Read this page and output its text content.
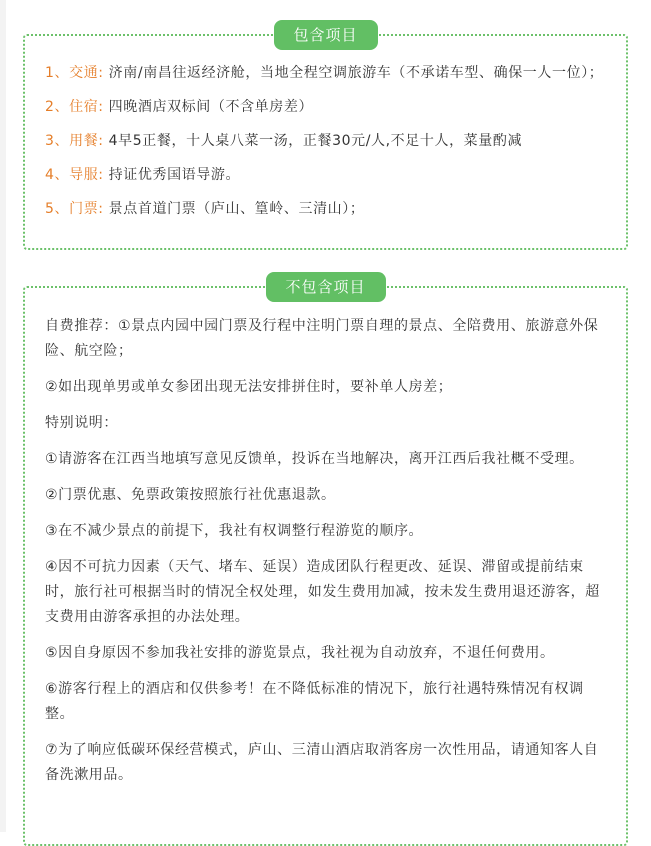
包含项目
1、交通: 济南/南昌往返经济舱，当地全程空调旅游车（不承诺车型、确保一人一位）；
2、住宿: 四晚酒店双标间（不含单房差）
3、用餐: 4早5正餐，十人桌八菜一汤，正餐30元/人,不足十人，菜量酌减
4、导服: 持证优秀国语导游。
5、门票: 景点首道门票（庐山、篁岭、三清山）；
不包含项目
自费推荐：①景点内园中园门票及行程中注明门票自理的景点、全陪费用、旅游意外保险、航空险；
②如出现单男或单女参团出现无法安排拼住时，要补单人房差；
特别说明：
①请游客在江西当地填写意见反馈单，投诉在当地解决，离开江西后我社概不受理。
②门票优惠、免票政策按照旅行社优惠退款。
③在不减少景点的前提下，我社有权调整行程游览的顺序。
④因不可抗力因素（天气、堵车、延误）造成团队行程更改、延误、滞留或提前结束时，旅行社可根据当时的情况全权处理，如发生费用加减，按未发生费用退还游客，超支费用由游客承担的办法处理。
⑤因自身原因不参加我社安排的游览景点，我社视为自动放弃，不退任何费用。
⑥游客行程上的酒店和仅供参考！在不降低标准的情况下，旅行社遇特殊情况有权调整。
⑦为了响应低碳环保经营模式，庐山、三清山酒店取消客房一次性用品，请通知客人自备洗漱用品。
